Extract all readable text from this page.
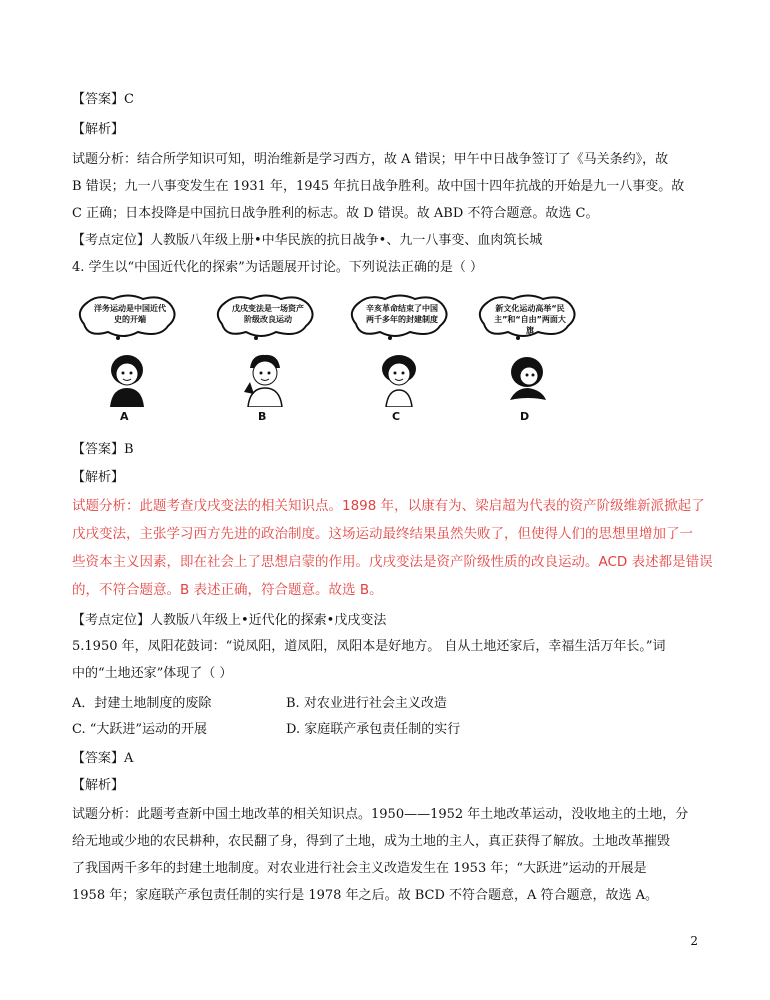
【答案】C
【解析】
试题分析：结合所学知识可知，明治维新是学习西方，故 A 错误；甲午中日战争签订了《马关条约》，故
B 错误；九一八事变发生在 1931 年，1945 年抗日战争胜利。故中国十四年抗战的开始是九一八事变。故
C 正确；日本投降是中国抗日战争胜利的标志。故 D 错误。故 ABD 不符合题意。故选 C。
【考点定位】人教版八年级上册•中华民族的抗日战争•、九一八事变、血肉筑长城
4. 学生以“中国近代化的探索”为话题展开讨论。下列说法正确的是（ ）
洋务运动是中国近代史的开端
A
戊戌变法是一场资产阶级改良运动
B
辛亥革命结束了中国两千多年的封建制度
C
新文化运动高举“民主”和“自由”两面大旗
D
【答案】B
【解析】
试题分析：此题考查戊戌变法的相关知识点。1898 年，以康有为、梁启超为代表的资产阶级维新派掀起了
戊戌变法，主张学习西方先进的政治制度。这场运动最终结果虽然失败了，但使得人们的思想里增加了一
些资本主义因素，即在社会上了思想启蒙的作用。戊戌变法是资产阶级性质的改良运动。ACD 表述都是错误
的，不符合题意。B 表述正确，符合题意。故选 B。
【考点定位】人教版八年级上•近代化的探索•戊戌变法
5.1950 年，凤阳花鼓词：“说凤阳，道凤阳，凤阳本是好地方。 自从土地还家后，幸福生活万年长。”词
中的“土地还家”体现了（ ）
A．封建土地制度的废除	B. 对农业进行社会主义改造
C. “大跃进”运动的开展	D. 家庭联产承包责任制的实行
【答案】A
【解析】
试题分析：此题考查新中国土地改革的相关知识点。1950——1952 年土地改革运动，没收地主的土地，分
给无地或少地的农民耕种，农民翻了身，得到了土地，成为土地的主人，真正获得了解放。土地改革摧毁
了我国两千多年的封建土地制度。对农业进行社会主义改造发生在 1953 年；“大跃进”运动的开展是
1958 年；家庭联产承包责任制的实行是 1978 年之后。故 BCD 不符合题意，A 符合题意，故选 A。
2
